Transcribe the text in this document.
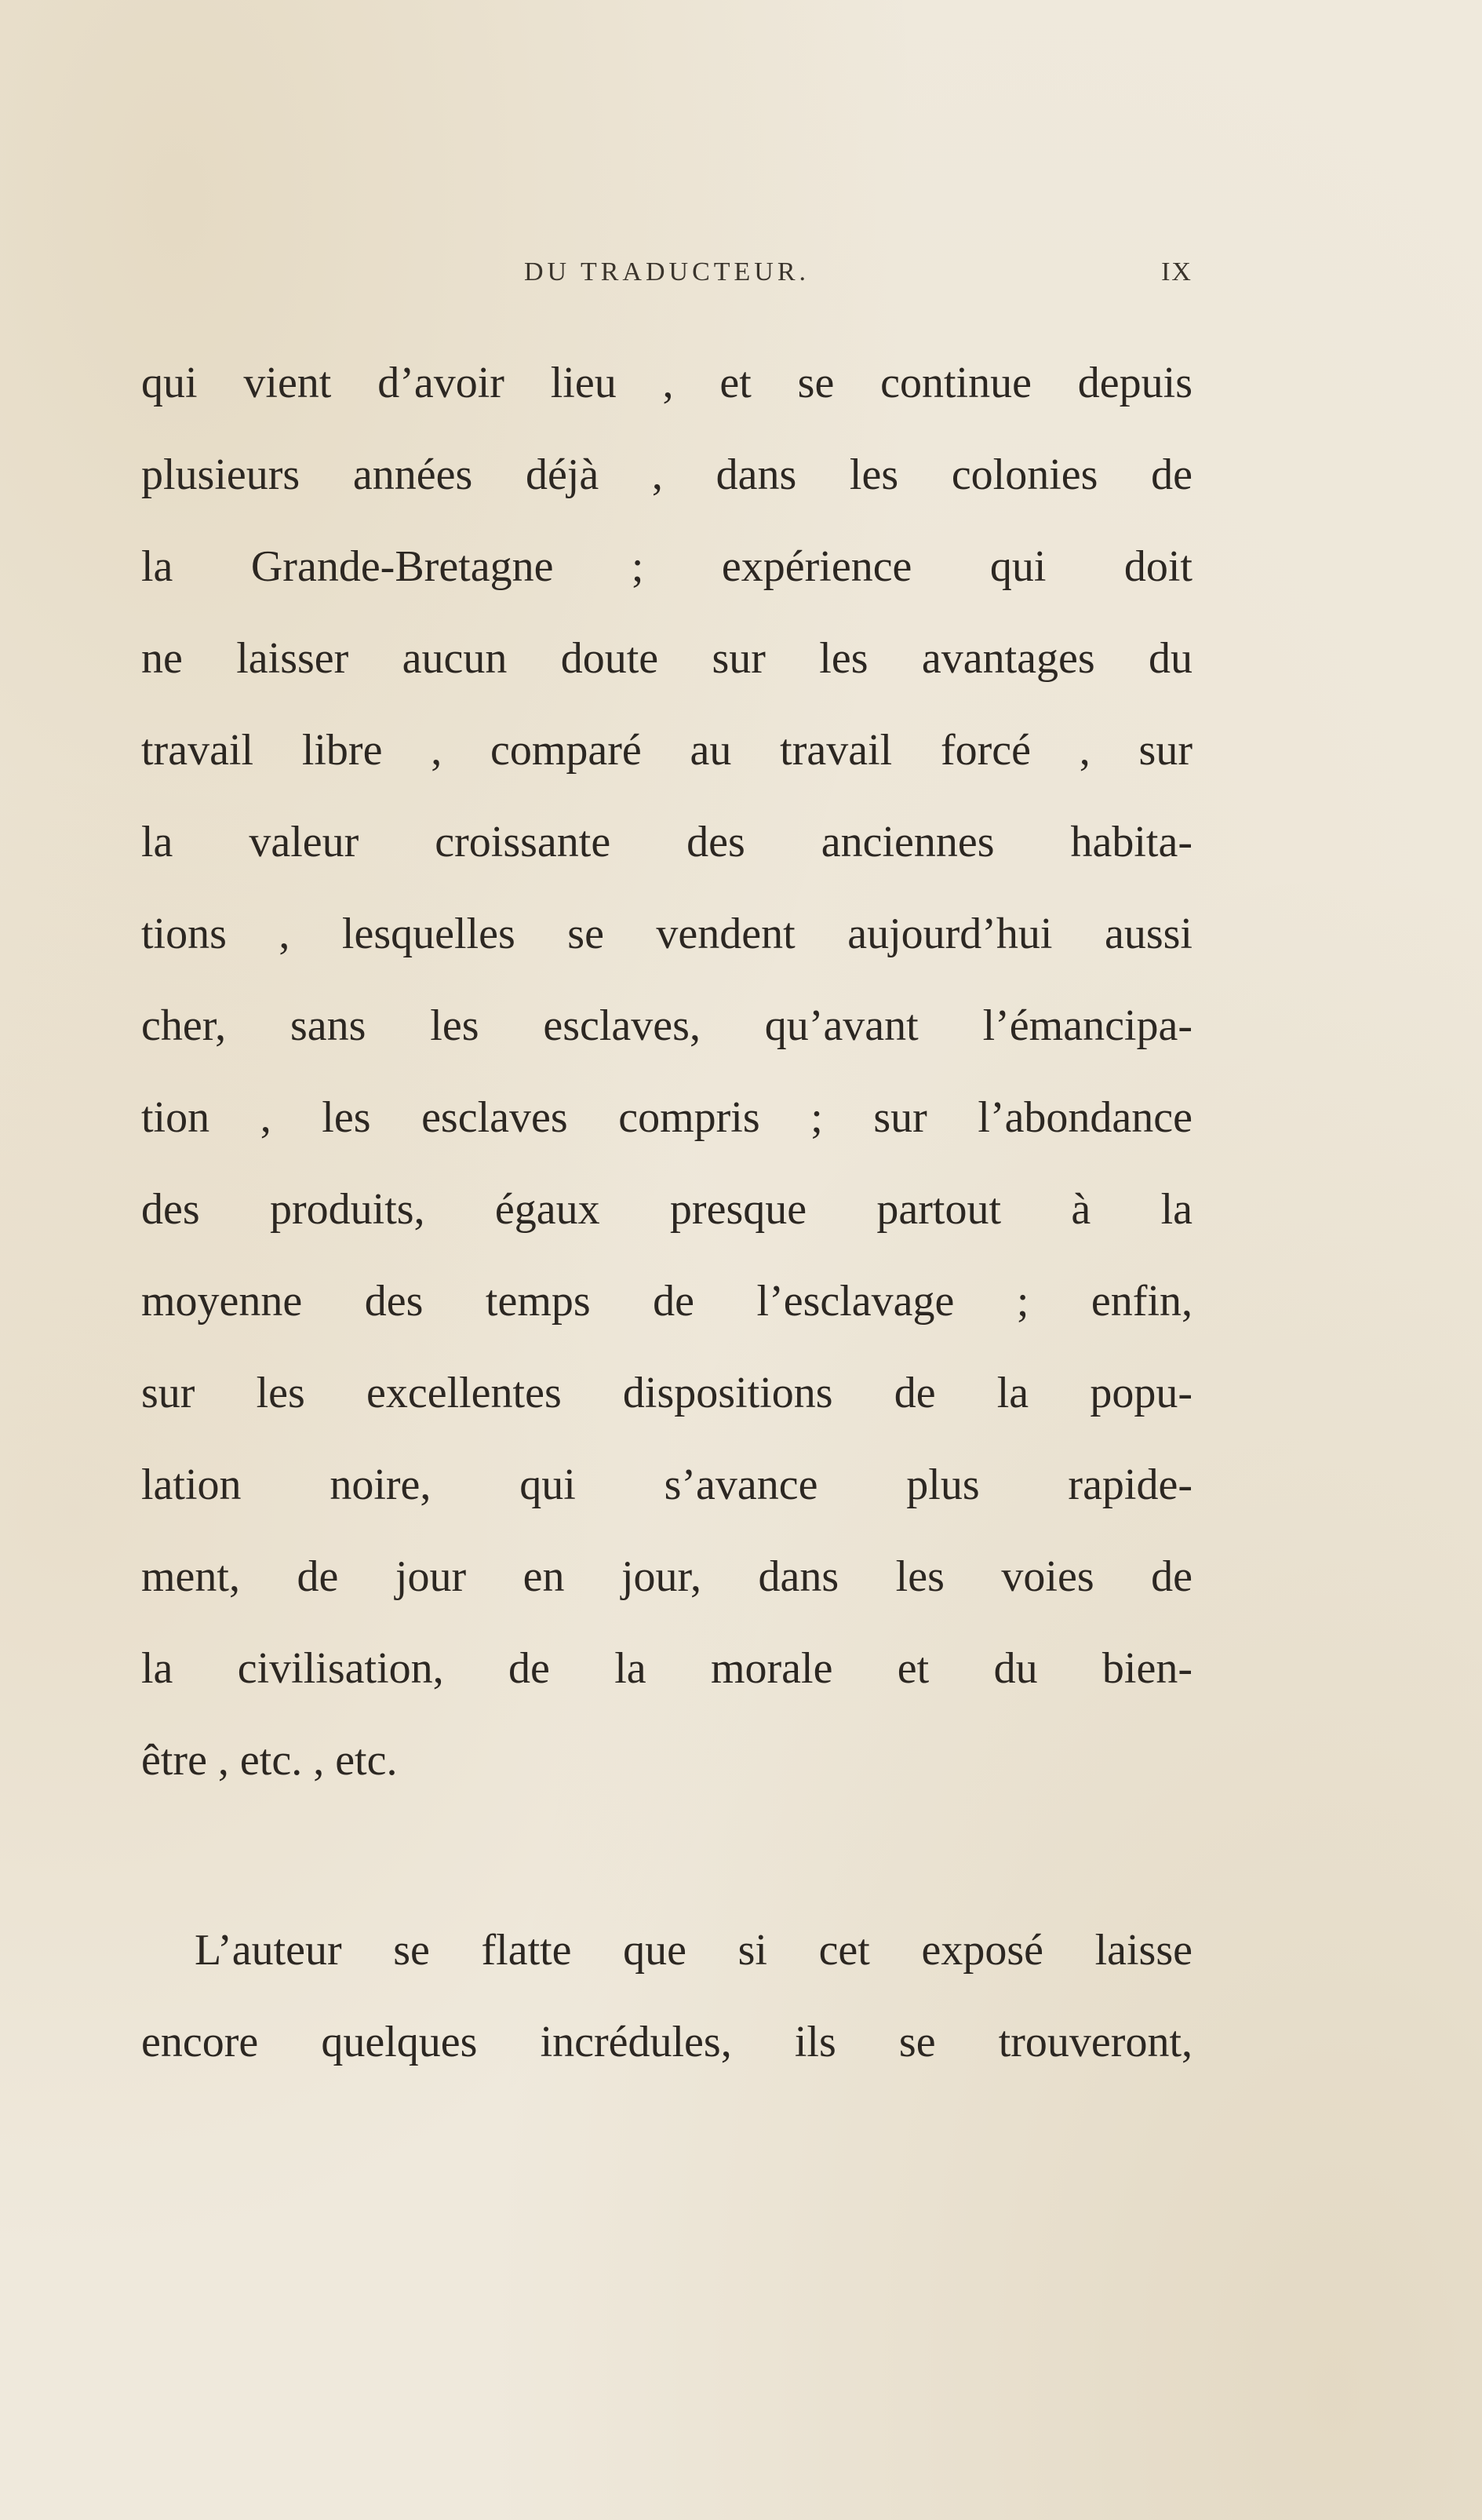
DU TRADUCTEUR.	IX
qui vient d’avoir lieu , et se continue depuis
plusieurs années déjà , dans les colonies de
la Grande-Bretagne ; expérience qui doit
ne laisser aucun doute sur les avantages du
travail libre , comparé au travail forcé , sur
la valeur croissante des anciennes habita-
tions , lesquelles se vendent aujourd’hui aussi
cher, sans les esclaves, qu’avant l’émancipa-
tion , les esclaves compris ; sur l’abondance
des produits, égaux presque partout à la
moyenne des temps de l’esclavage ; enfin,
sur les excellentes dispositions de la popu-
lation noire, qui s’avance plus rapide-
ment, de jour en jour, dans les voies de
la civilisation, de la morale et du bien-
être , etc. , etc.
L’auteur se flatte que si cet exposé laisse
encore quelques incrédules, ils se trouveront,
